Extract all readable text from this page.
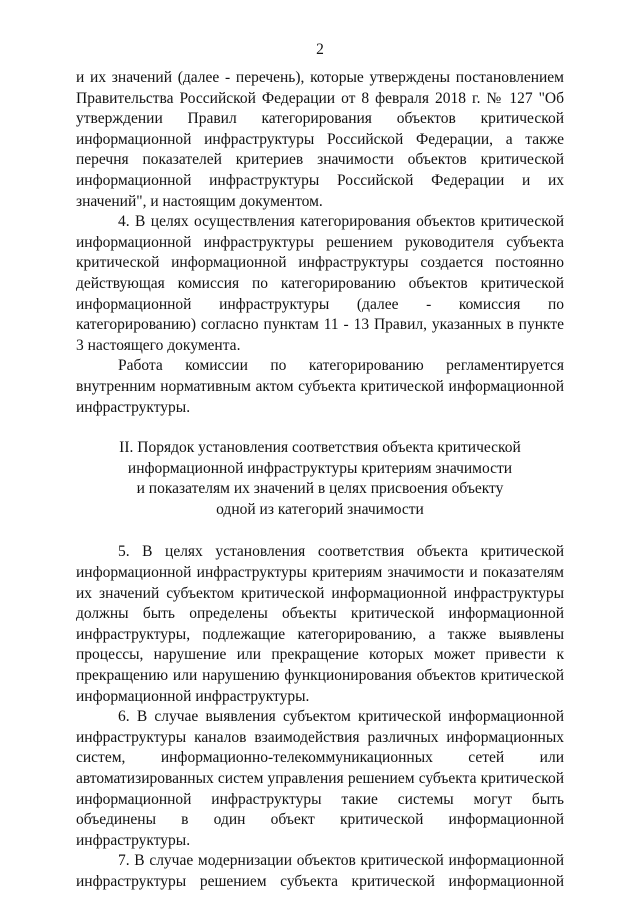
2

и их значений (далее - перечень), которые утверждены постановлением Правительства Российской Федерации от 8 февраля 2018 г. № 127 "Об утверждении Правил категорирования объектов критической информационной инфраструктуры Российской Федерации, а также перечня показателей критериев значимости объектов критической информационной инфраструктуры Российской Федерации и их значений", и настоящим документом.

4. В целях осуществления категорирования объектов критической информационной инфраструктуры решением руководителя субъекта критической информационной инфраструктуры создается постоянно действующая комиссия по категорированию объектов критической информационной инфраструктуры (далее - комиссия по категорированию) согласно пунктам 11 - 13 Правил, указанных в пункте 3 настоящего документа.

Работа комиссии по категорированию регламентируется внутренним нормативным актом субъекта критической информационной инфраструктуры.

II. Порядок установления соответствия объекта критической
информационной инфраструктуры критериям значимости
и показателям их значений в целях присвоения объекту
одной из категорий значимости

5. В целях установления соответствия объекта критической информационной инфраструктуры критериям значимости и показателям их значений субъектом критической информационной инфраструктуры должны быть определены объекты критической информационной инфраструктуры, подлежащие категорированию, а также выявлены процессы, нарушение или прекращение которых может привести к прекращению или нарушению функционирования объектов критической информационной инфраструктуры.

6. В случае выявления субъектом критической информационной инфраструктуры каналов взаимодействия различных информационных систем, информационно-телекоммуникационных сетей или автоматизированных систем управления решением субъекта критической информационной инфраструктуры такие системы могут быть объединены в один объект критической информационной инфраструктуры.

7. В случае модернизации объектов критической информационной инфраструктуры решением субъекта критической информационной
